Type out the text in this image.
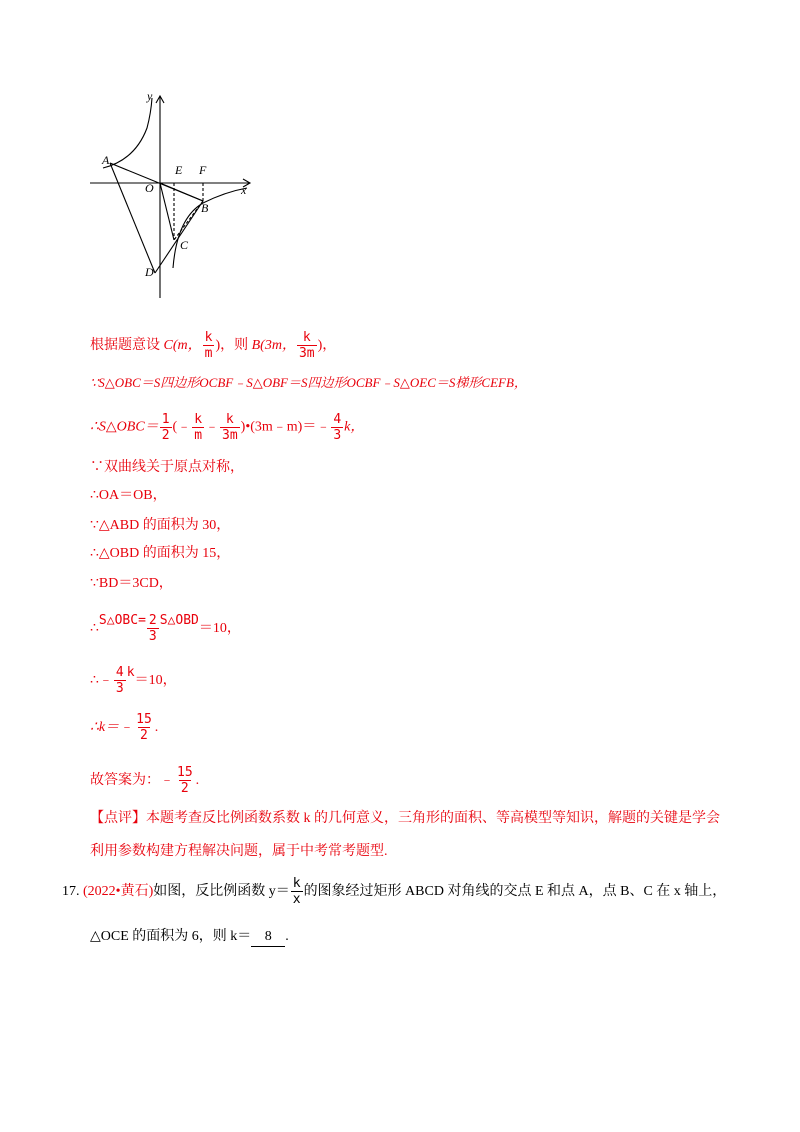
y
x
A
O
E F
B
C
D
根据题意设 C(m， $\frac{k}{m}$ )，则 B(3m， $\frac{k}{3m}$ )，
∵S△OBC＝S四边形OCBF﹣S△OBF＝S四边形OCBF﹣S△OEC＝S梯形CEFB，
∴S△OBC＝ $\frac{1}{2}$ (﹣ $\frac{k}{m}$ ﹣ $\frac{k}{3m}$ )•(3m﹣m)＝﹣ $\frac{4}{3}$ k，
∵双曲线关于原点对称，
∴OA＝OB，
∵△ABD 的面积为 30，
∴△OBD 的面积为 15，
∵BD＝3CD，
∴S△OBC= $\frac{2}{3}$ S△OBD＝10，
∴﹣ $\frac{4}{3} k=10$，
∴k＝﹣ $\frac{15}{2}$ .
故答案为：﹣ $\frac{15}{2}$ .
【点评】本题考查反比例函数系数 k 的几何意义，三角形的面积、等高模型等知识，解题的关键是学会
利用参数构建方程解决问题，属于中考常考题型.
17. (2022•黄石)如图，反比例函数 $y= \frac{k}{x}$ 的图象经过矩形 ABCD 对角线的交点 E 和点 A，点 B、C 在 x 轴上，
△OCE 的面积为 6，则 k＝ 8 .
